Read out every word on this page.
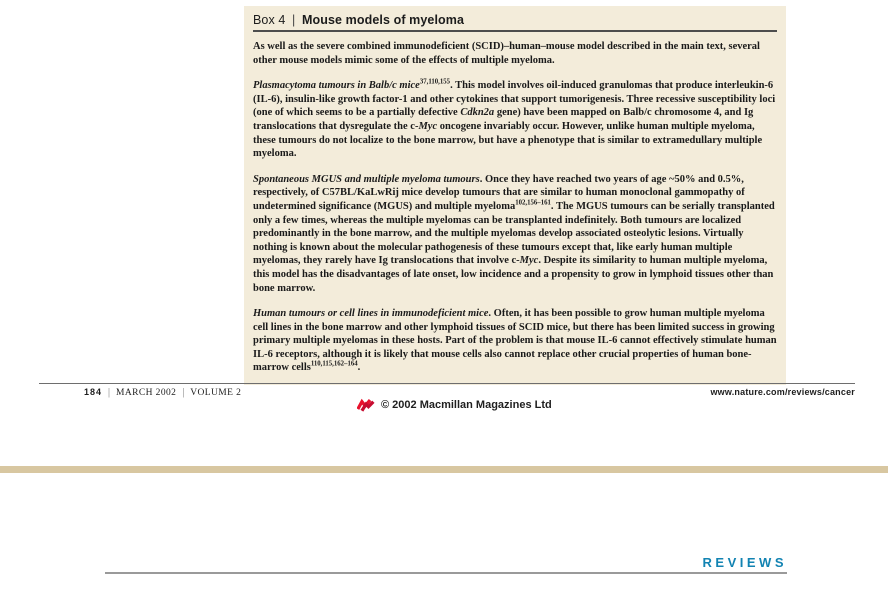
Box 4 | Mouse models of myeloma

As well as the severe combined immunodeficient (SCID)–human–mouse model described in the main text, several other mouse models mimic some of the effects of multiple myeloma.

Plasmacytoma tumours in Balb/c mice$^{37,110,155}$. This model involves oil-induced granulomas that produce interleukin-6 (IL-6), insulin-like growth factor-1 and other cytokines that support tumorigenesis. Three recessive susceptibility loci (one of which seems to be a partially defective Cdkn2a gene) have been mapped on Balb/c chromosome 4, and Ig translocations that dysregulate the c-Myc oncogene invariably occur. However, unlike human multiple myeloma, these tumours do not localize to the bone marrow, but have a phenotype that is similar to extramedullary multiple myeloma.

Spontaneous MGUS and multiple myeloma tumours. Once they have reached two years of age ~50% and 0.5%, respectively, of C57BL/KaLwRij mice develop tumours that are similar to human monoclonal gammopathy of undetermined significance (MGUS) and multiple myeloma$^{102,156-161}$. The MGUS tumours can be serially transplanted only a few times, whereas the multiple myelomas can be transplanted indefinitely. Both tumours are localized predominantly in the bone marrow, and the multiple myelomas develop associated osteolytic lesions. Virtually nothing is known about the molecular pathogenesis of these tumours except that, like early human multiple myelomas, they rarely have Ig translocations that involve c-Myc. Despite its similarity to human multiple myeloma, this model has the disadvantages of late onset, low incidence and a propensity to grow in lymphoid tissues other than bone marrow.

Human tumours or cell lines in immunodeficient mice. Often, it has been possible to grow human multiple myeloma cell lines in the bone marrow and other lymphoid tissues of SCID mice, but there has been limited success in growing primary multiple myelomas in these hosts. Part of the problem is that mouse IL-6 cannot effectively stimulate human IL-6 receptors, although it is likely that mouse cells also cannot replace other crucial properties of human bone-marrow cells$^{110,115,162-164}$.

184 | MARCH 2002 | VOLUME 2	www.nature.com/reviews/cancer
© 2002 Macmillan Magazines Ltd
REVIEWS
